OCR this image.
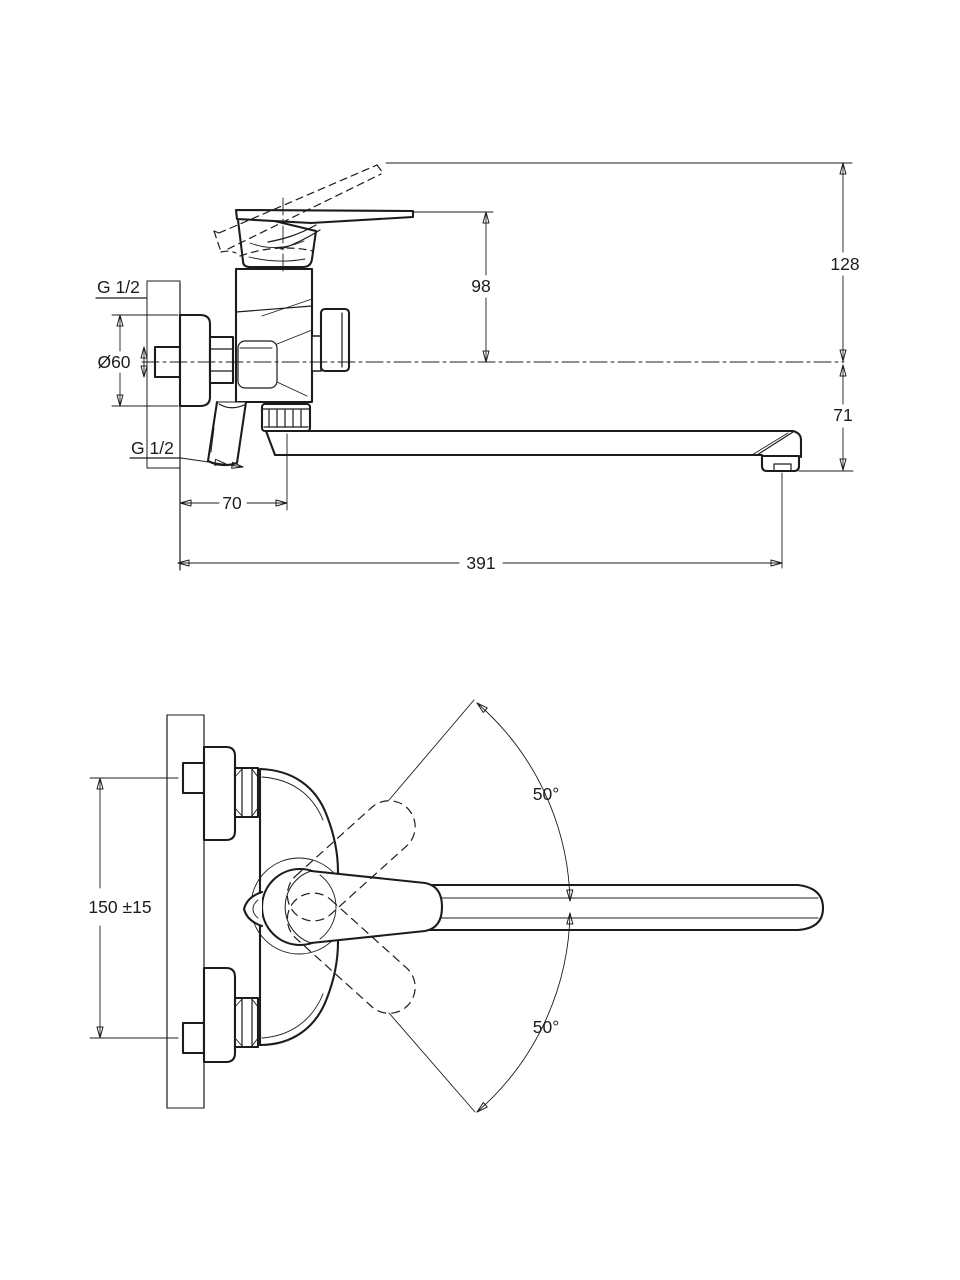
G 1/2
Ø60
98
128
71
70
391
G 1/2
50°
50°
150 ±15
